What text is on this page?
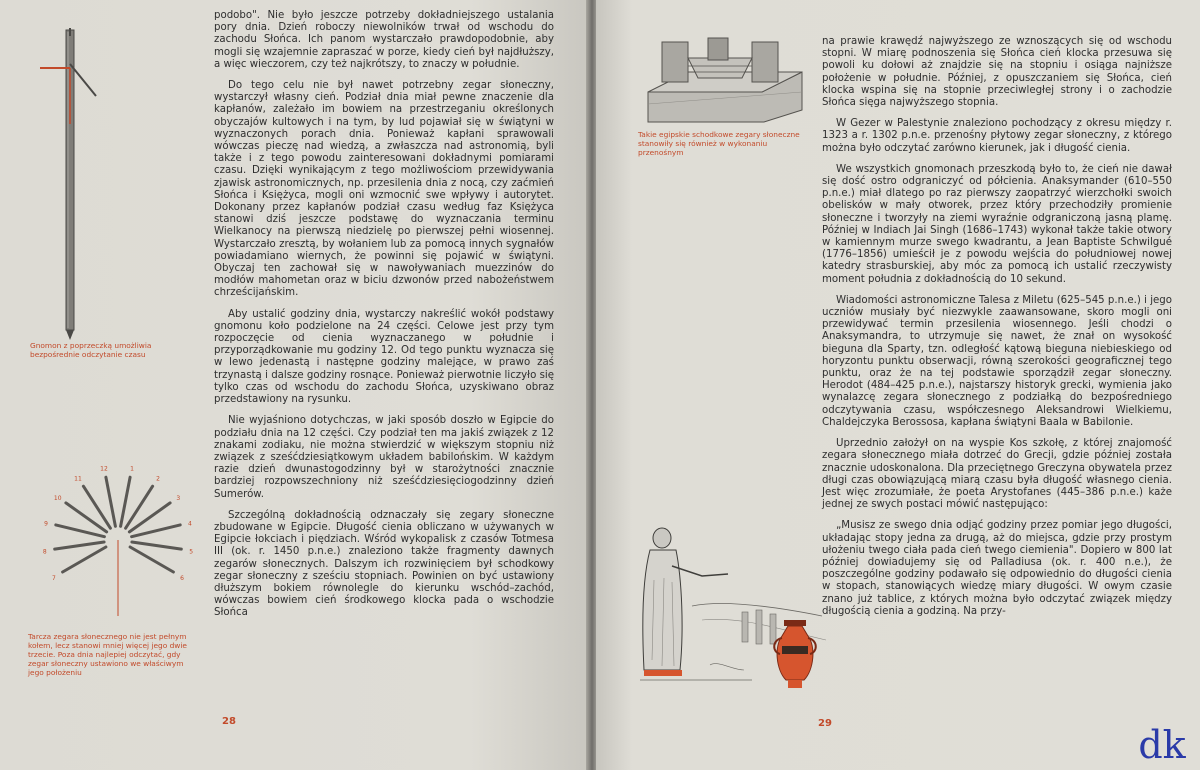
Gnomon z poprzeczką umożliwia bezpośrednie odczytanie czasu
7
8
9
10
11
12	1
2
3
4
5
6
Tarcza zegara słonecznego nie jest pełnym kołem, lecz stanowi mniej więcej jego dwie trzecie. Poza dnia najlepiej odczytać, gdy zegar słoneczny ustawiono we właściwym jego położeniu

podobo". Nie było jeszcze potrzeby dokładniejszego ustalania pory dnia. Dzień roboczy niewolników trwał od wschodu do zachodu Słońca. Ich panom wystarczało prawdopodobnie, aby mogli się wzajemnie zapraszać w porze, kiedy cień był najdłuższy, a więc wieczorem, czy też najkrótszy, to znaczy w południe.

Do tego celu nie był nawet potrzebny zegar słoneczny, wystarczył własny cień. Podział dnia miał pewne znaczenie dla kapłanów, zależało im bowiem na przestrzeganiu określonych obyczajów kultowych i na tym, by lud pojawiał się w świątyni w wyznaczonych porach dnia. Ponieważ kapłani sprawowali wówczas pieczę nad wiedzą, a zwłaszcza nad astronomią, byli także i z tego powodu zainteresowani dokładnymi pomiarami czasu. Dzięki wynikającym z tego możliwościom przewidywania zjawisk astronomicznych, np. przesilenia dnia z nocą, czy zaćmień Słońca i Księżyca, mogli oni wzmocnić swe wpływy i autorytet. Dokonany przez kapłanów podział czasu według faz Księżyca stanowi dziś jeszcze podstawę do wyznaczania terminu Wielkanocy na pierwszą niedzielę po pierwszej pełni wiosennej. Wystarczało zresztą, by wołaniem lub za pomocą innych sygnałów powiadamiano wiernych, że powinni się pojawić w świątyni. Obyczaj ten zachował się w nawoływaniach muezzinów do modłów mahometan oraz w biciu dzwonów przed nabożeństwem chrześcijańskim.

Aby ustalić godziny dnia, wystarczy nakreślić wokół podstawy gnomonu koło podzielone na 24 części. Celowe jest przy tym rozpoczęcie od cienia wyznaczanego w południe i przyporządkowanie mu godziny 12. Od tego punktu wyznacza się w lewo jedenastą i następne godziny malejące, w prawo zaś trzynastą i dalsze godziny rosnące. Ponieważ pierwotnie liczyło się tylko czas od wschodu do zachodu Słońca, uzyskiwano obraz przedstawiony na rysunku.

Nie wyjaśniono dotychczas, w jaki sposób doszło w Egipcie do podziału dnia na 12 części. Czy podział ten ma jakiś związek z 12 znakami zodiaku, nie można stwierdzić w większym stopniu niż związek z sześćdziesiątkowym układem babilońskim. W każdym razie dzień dwunastogodzinny był w starożytności znacznie bardziej rozpowszechniony niż sześćdziesięciogodzinny dzień Sumerów.

Szczególną dokładnością odznaczały się zegary słoneczne zbudowane w Egipcie. Długość cienia obliczano w używanych w Egipcie łokciach i piędziach. Wśród wykopalisk z czasów Totmesa III (ok. r. 1450 p.n.e.) znaleziono także fragmenty dawnych zegarów słonecznych. Dalszym ich rozwinięciem był schodkowy zegar słoneczny z sześciu stopniach. Powinien on być ustawiony dłuższym bokiem równolegle do kierunku wschód–zachód, wówczas bowiem cień środkowego klocka pada o wschodzie Słońca

28
Takie egipskie schodkowe zegary słoneczne stanowiły się również w wykonaniu przenośnym

na prawie krawędź najwyższego ze wznoszących się od wschodu stopni. W miarę podnoszenia się Słońca cień klocka przesuwa się powoli ku dołowi aż znajdzie się na stopniu i osiąga najniższe położenie w południe. Później, z opuszczaniem się Słońca, cień klocka wspina się na stopnie przeciwległej strony i o zachodzie Słońca sięga najwyższego stopnia.

W Gezer w Palestynie znaleziono pochodzący z okresu między r. 1323 a r. 1302 p.n.e. przenośny płytowy zegar słoneczny, z którego można było odczytać zarówno kierunek, jak i długość cienia.

We wszystkich gnomonach przeszkodą było to, że cień nie dawał się dość ostro odgraniczyć od półcienia. Anaksymander (610–550 p.n.e.) miał dlatego po raz pierwszy zaopatrzyć wierzchołki swoich obelisków w mały otworek, przez który przechodziły promienie słoneczne i tworzyły na ziemi wyraźnie odgraniczoną jasną plamę. Później w Indiach Jai Singh (1686–1743) wykonał także takie otwory w kamiennym murze swego kwadrantu, a Jean Baptiste Schwilgué (1776–1856) umieścił je z powodu wejścia do południowej nowej katedry strasburskiej, aby móc za pomocą ich ustalić rzeczywisty moment południa z dokładnością do 10 sekund.

Wiadomości astronomiczne Talesa z Miletu (625–545 p.n.e.) i jego uczniów musiały być niezwykle zaawansowane, skoro mogli oni przewidywać termin przesilenia wiosennego. Jeśli chodzi o Anaksymandra, to utrzymuje się nawet, że znał on wysokość bieguna dla Sparty, tzn. odległość kątową bieguna niebieskiego od horyzontu punktu obserwacji, równą szerokości geograficznej tego punktu, oraz że na tej podstawie sporządził zegar słoneczny. Herodot (484–425 p.n.e.), najstarszy historyk grecki, wymienia jako wynalazcę zegara słonecznego z podziałką do bezpośredniego odczytywania czasu, współczesnego Aleksandrowi Wielkiemu, Chaldejczyka Berossosa, kapłana świątyni Baala w Babilonie.

Uprzednio założył on na wyspie Kos szkołę, z której znajomość zegara słonecznego miała dotrzeć do Grecji, gdzie później została znacznie udoskonalona. Dla przeciętnego Greczyna obywatela przez długi czas obowiązującą miarą czasu była długość własnego cienia. Jest więc zrozumiałe, że poeta Arystofanes (445–386 p.n.e.) każe jednej ze swych postaci mówić następująco:

„Musisz ze swego dnia odjąć godziny przez pomiar jego długości, układając stopy jedna za drugą, aż do miejsca, gdzie przy prostym ułożeniu twego ciała pada cień twego ciemienia". Dopiero w 800 lat później dowiadujemy się od Palladiusa (ok. r. 400 n.e.), że poszczególne godziny podawało się odpowiednio do długości cienia w stopach, stanowiących wiedzę miary długości. W owym czasie znano już tablice, z których można było odczytać związek między długością cienia a godziną. Na przy-

29	dk
